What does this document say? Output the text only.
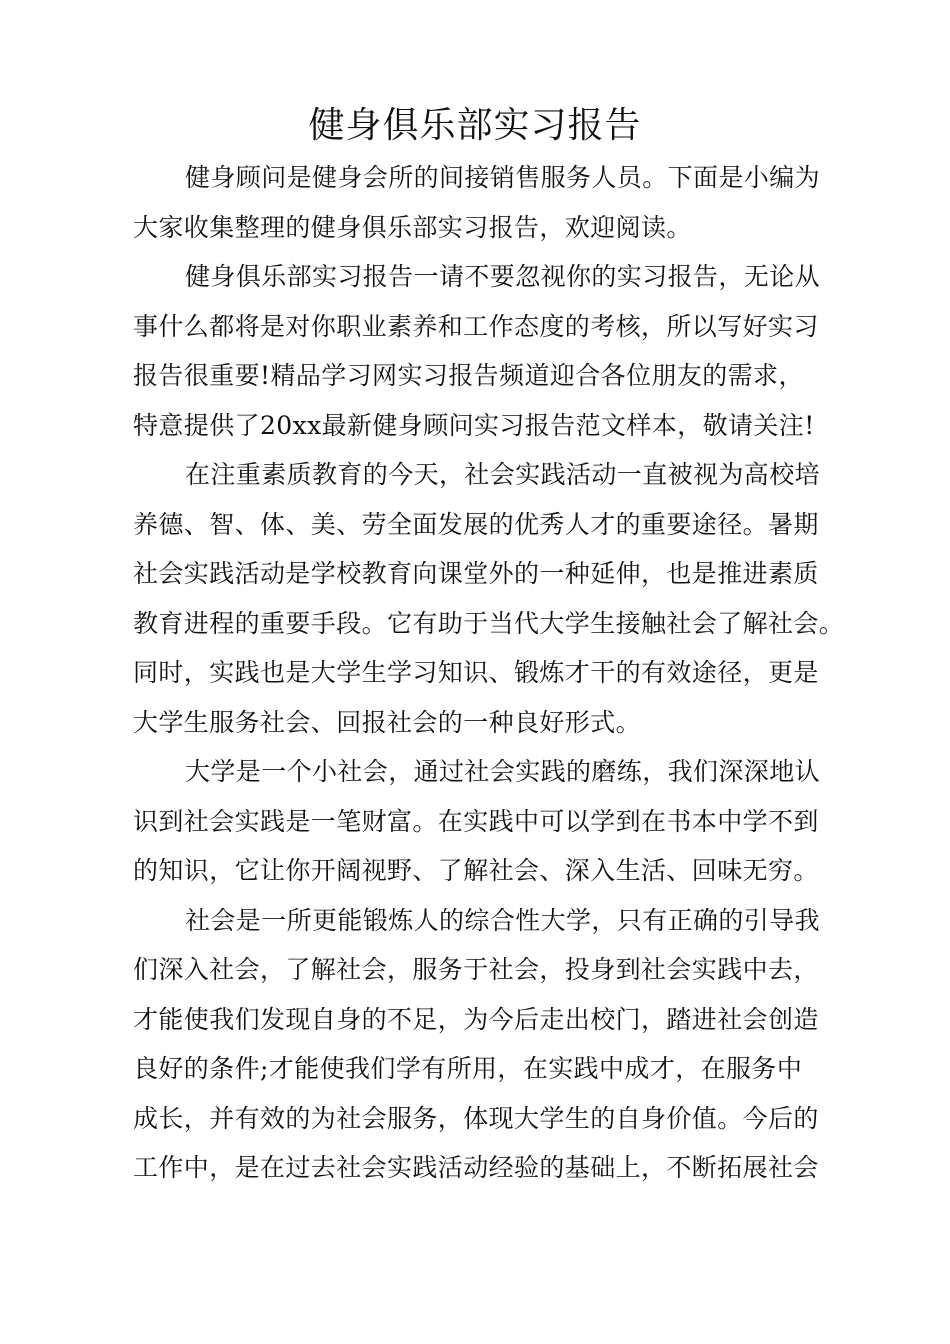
健身俱乐部实习报告
健身顾问是健身会所的间接销售服务人员。下面是小编为
大家收集整理的健身俱乐部实习报告，欢迎阅读。
健身俱乐部实习报告一请不要忽视你的实习报告，无论从
事什么都将是对你职业素养和工作态度的考核，所以写好实习
报告很重要!精品学习网实习报告频道迎合各位朋友的需求，
特意提供了20xx最新健身顾问实习报告范文样本，敬请关注!
在注重素质教育的今天，社会实践活动一直被视为高校培
养德、智、体、美、劳全面发展的优秀人才的重要途径。暑期
社会实践活动是学校教育向课堂外的一种延伸，也是推进素质
教育进程的重要手段。它有助于当代大学生接触社会了解社会。
同时，实践也是大学生学习知识、锻炼才干的有效途径，更是
大学生服务社会、回报社会的一种良好形式。
大学是一个小社会，通过社会实践的磨练，我们深深地认
识到社会实践是一笔财富。在实践中可以学到在书本中学不到
的知识，它让你开阔视野、了解社会、深入生活、回味无穷。
社会是一所更能锻炼人的综合性大学，只有正确的引导我
们深入社会，了解社会，服务于社会，投身到社会实践中去，
才能使我们发现自身的不足，为今后走出校门，踏进社会创造
良好的条件;才能使我们学有所用，在实践中成才，在服务中
成长，并有效的为社会服务，体现大学生的自身价值。今后的
工作中，是在过去社会实践活动经验的基础上，不断拓展社会
